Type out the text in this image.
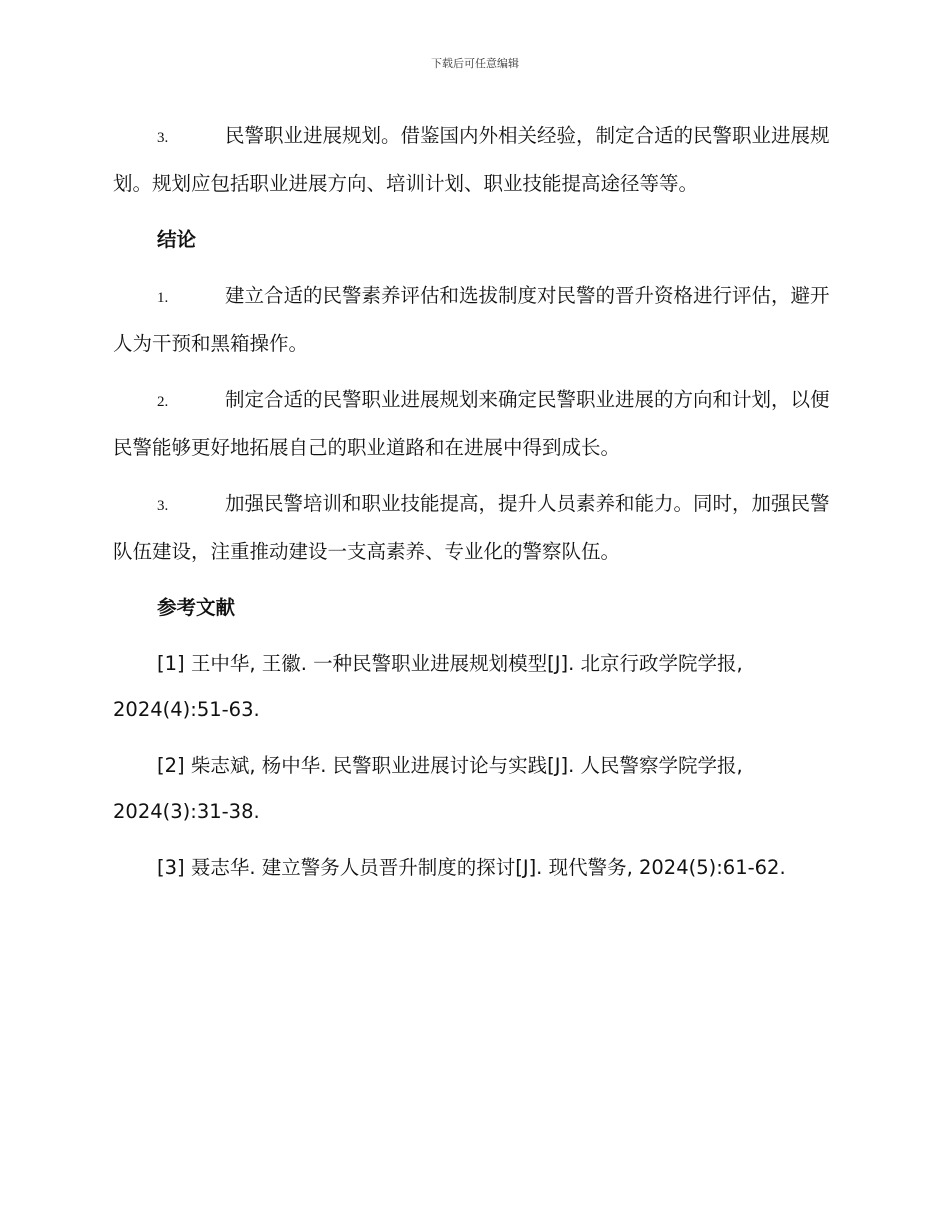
下载后可任意编辑

3.	民警职业进展规划。借鉴国内外相关经验，制定合适的民警职业进展规划。规划应包括职业进展方向、培训计划、职业技能提高途径等等。

结论

1.	建立合适的民警素养评估和选拔制度对民警的晋升资格进行评估，避开人为干预和黑箱操作。

2.	制定合适的民警职业进展规划来确定民警职业进展的方向和计划，以便民警能够更好地拓展自己的职业道路和在进展中得到成长。

3.	加强民警培训和职业技能提高，提升人员素养和能力。同时，加强民警队伍建设，注重推动建设一支高素养、专业化的警察队伍。

参考文献

[1] 王中华, 王徽. 一种民警职业进展规划模型[J]. 北京行政学院学报, 2024(4):51-63.

[2] 柴志斌, 杨中华. 民警职业进展讨论与实践[J]. 人民警察学院学报, 2024(3):31-38.

[3] 聂志华. 建立警务人员晋升制度的探讨[J]. 现代警务, 2024(5):61-62.
